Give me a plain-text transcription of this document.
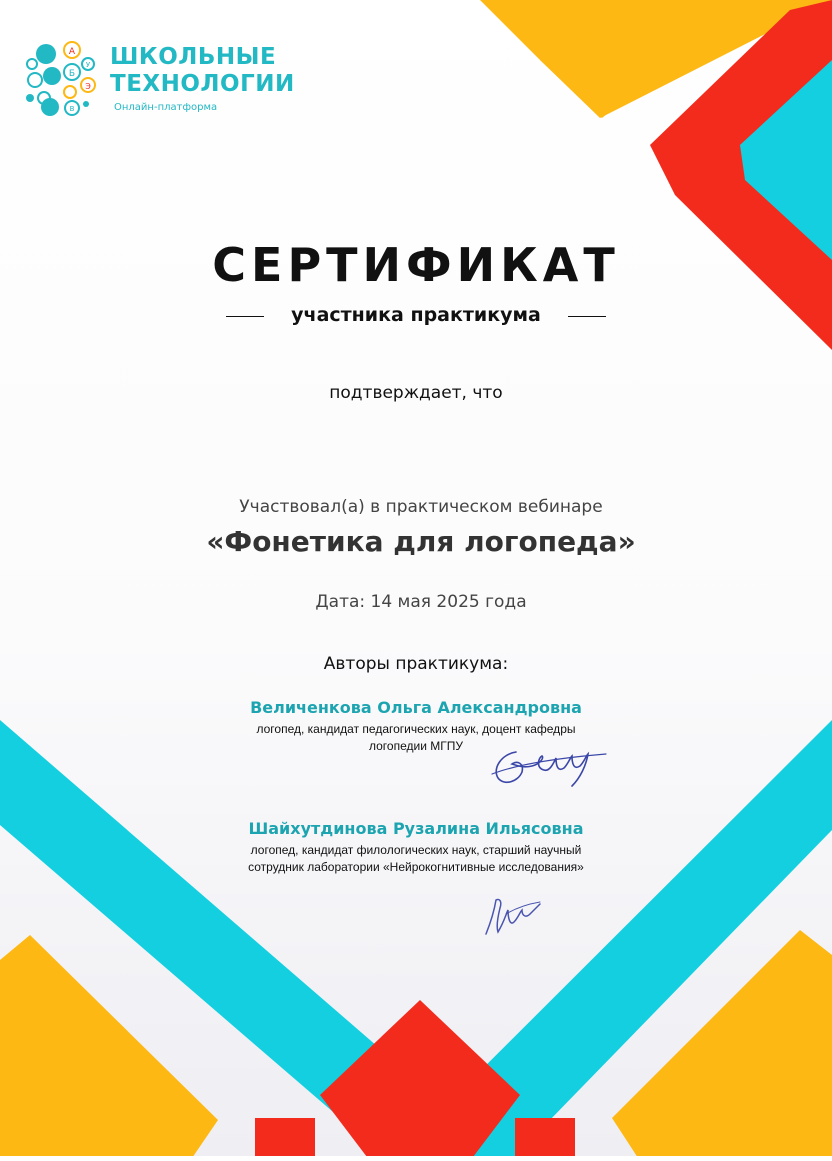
А
У
Б
Э
В
ШКОЛЬНЫЕ
ТЕХНОЛОГИИ
Онлайн-платформа
СЕРТИФИКАТ
участника практикума
подтверждает, что
Участвовал(а) в практическом вебинаре
«Фонетика для логопеда»
Дата: 14 мая 2025 года
Авторы практикума:
Величенкова Ольга Александровна
логопед, кандидат педагогических наук, доцент кафедры логопедии МГПУ
Шайхутдинова Рузалина Ильясовна
логопед, кандидат филологических наук, старший научный сотрудник лаборатории «Нейрокогнитивные исследования»
